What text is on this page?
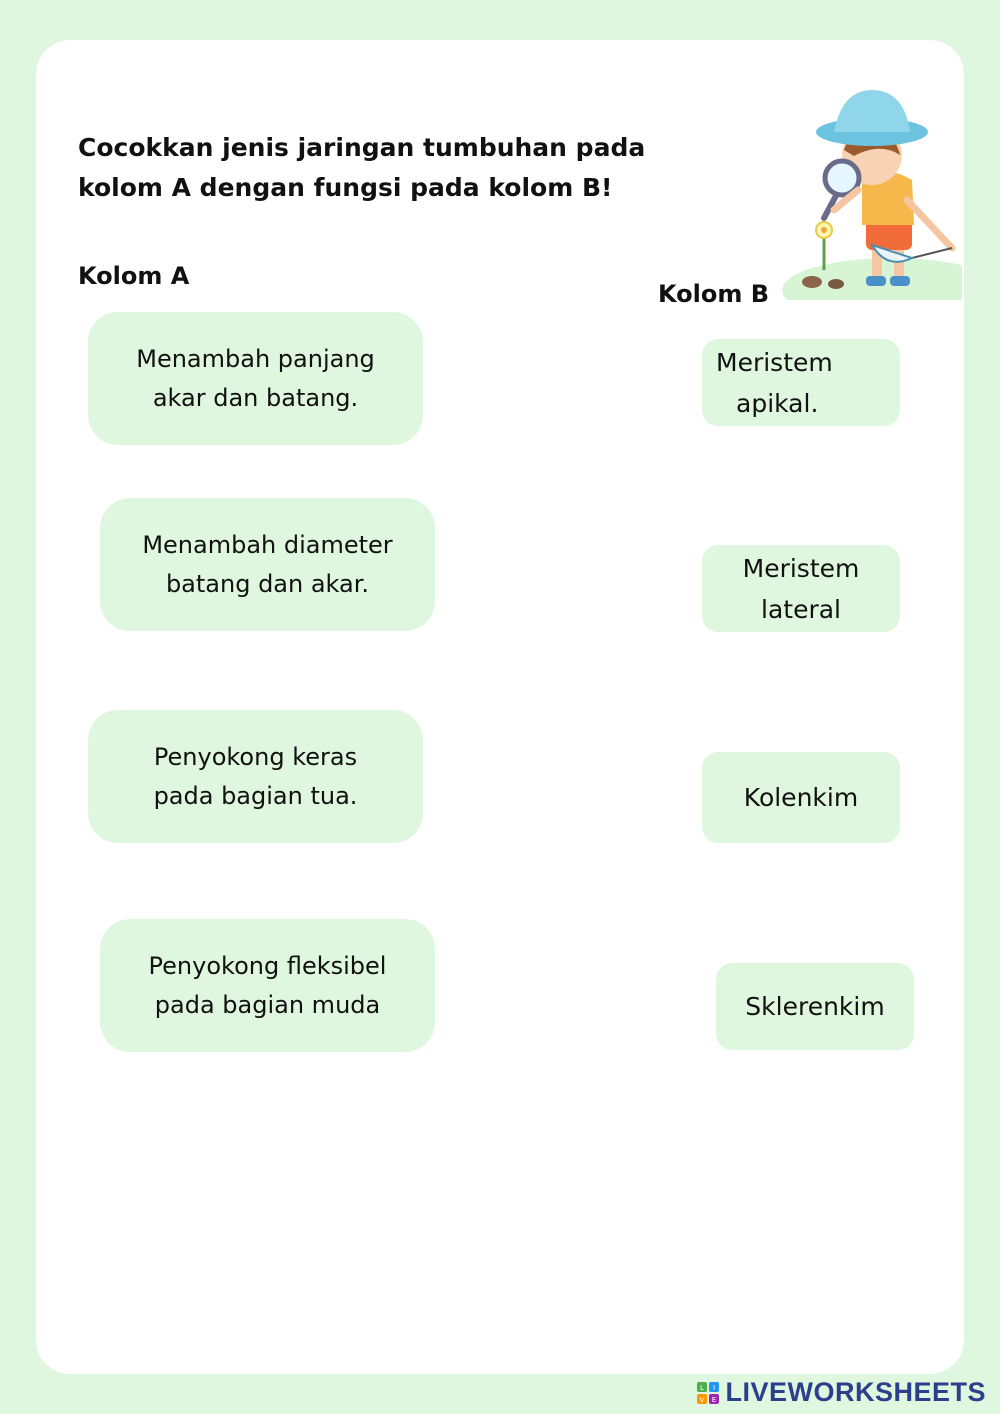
Cocokkan jenis jaringan tumbuhan pada
kolom A dengan fungsi pada kolom B!

Kolom A
Kolom B
Menambah panjang
akar dan batang.
Menambah diameter
batang dan akar.
Penyokong keras
pada bagian tua.
Penyokong fleksibel
pada bagian muda
Meristem
apikal.
Meristem
lateral
Kolenkim
Sklerenkim
L I
V E LIVEWORKSHEETS
